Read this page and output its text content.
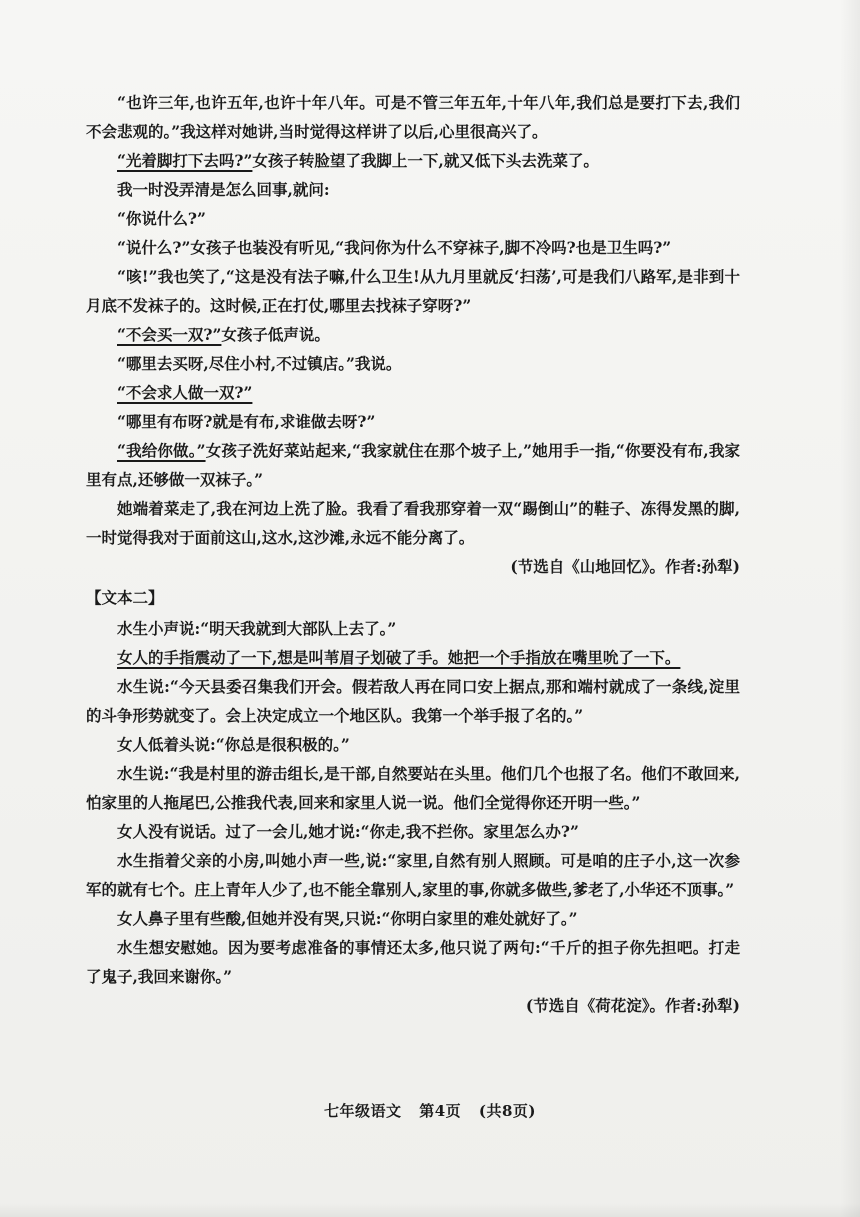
“也许三年,也许五年,也许十年八年。可是不管三年五年,十年八年,我们总是要打下去,我们不会悲观的。”我这样对她讲,当时觉得这样讲了以后,心里很高兴了。

“光着脚打下去吗?”女孩子转脸望了我脚上一下,就又低下头去洗菜了。

我一时没弄清是怎么回事,就问:

“你说什么?”

“说什么?”女孩子也装没有听见,“我问你为什么不穿袜子,脚不冷吗?也是卫生吗?”

“咳!”我也笑了,“这是没有法子嘛,什么卫生!从九月里就反‘扫荡’,可是我们八路军,是非到十月底不发袜子的。这时候,正在打仗,哪里去找袜子穿呀?”

“不会买一双?”女孩子低声说。

“哪里去买呀,尽住小村,不过镇店。”我说。

“不会求人做一双?”

“哪里有布呀?就是有布,求谁做去呀?”

“我给你做。”女孩子洗好菜站起来,“我家就住在那个坡子上,”她用手一指,“你要没有布,我家里有点,还够做一双袜子。”

她端着菜走了,我在河边上洗了脸。我看了看我那穿着一双“踢倒山”的鞋子、冻得发黑的脚,一时觉得我对于面前这山,这水,这沙滩,永远不能分离了。

(节选自《山地回忆》。作者:孙犁)

【文本二】

水生小声说:“明天我就到大部队上去了。”

女人的手指震动了一下,想是叫苇眉子划破了手。她把一个手指放在嘴里吮了一下。

水生说:“今天县委召集我们开会。假若敌人再在同口安上据点,那和端村就成了一条线,淀里的斗争形势就变了。会上决定成立一个地区队。我第一个举手报了名的。”

女人低着头说:“你总是很积极的。”

水生说:“我是村里的游击组长,是干部,自然要站在头里。他们几个也报了名。他们不敢回来,怕家里的人拖尾巴,公推我代表,回来和家里人说一说。他们全觉得你还开明一些。”

女人没有说话。过了一会儿,她才说:“你走,我不拦你。家里怎么办?”

水生指着父亲的小房,叫她小声一些,说:“家里,自然有别人照顾。可是咱的庄子小,这一次参军的就有七个。庄上青年人少了,也不能全靠别人,家里的事,你就多做些,爹老了,小华还不顶事。”

女人鼻子里有些酸,但她并没有哭,只说:“你明白家里的难处就好了。”

水生想安慰她。因为要考虑准备的事情还太多,他只说了两句:“千斤的担子你先担吧。打走了鬼子,我回来谢你。”

(节选自《荷花淀》。作者:孙犁)

七年级语文 第4页 (共8页)
